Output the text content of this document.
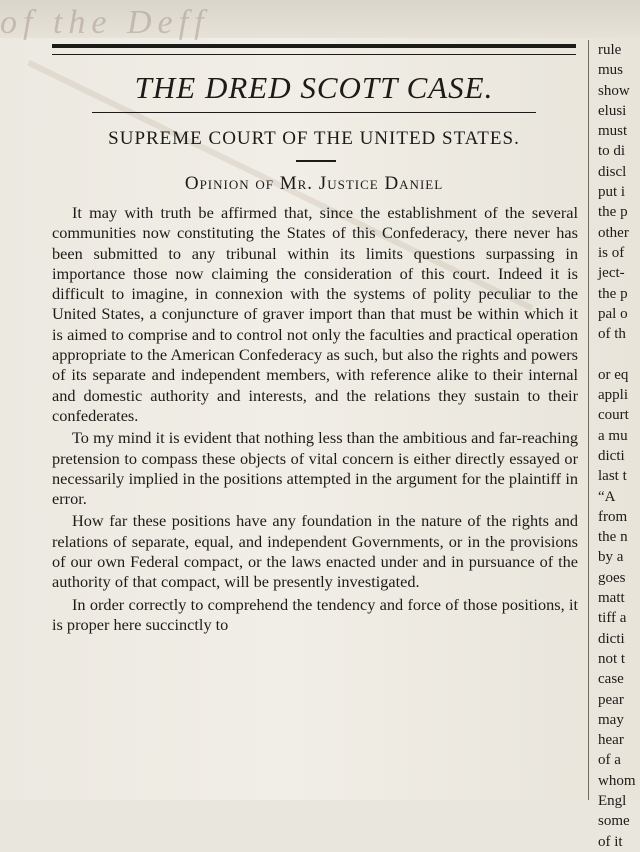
of the Deff
THE DRED SCOTT CASE.
SUPREME COURT OF THE UNITED STATES.
Opinion of Mr. Justice Daniel

It may with truth be affirmed that, since the establishment of the several communities now constituting the States of this Confederacy, there never has been submitted to any tribunal within its limits questions surpassing in importance those now claiming the consideration of this court. Indeed it is difficult to imagine, in connexion with the systems of polity peculiar to the United States, a conjuncture of graver import than that must be within which it is aimed to comprise and to control not only the faculties and practical operation appropriate to the American Confederacy as such, but also the rights and powers of its separate and independent members, with reference alike to their internal and domestic authority and interests, and the relations they sustain to their confederates.

To my mind it is evident that nothing less than the ambitious and far-reaching pretension to compass these objects of vital concern is either directly essayed or necessarily implied in the positions attempted in the argument for the plaintiff in error.

How far these positions have any foundation in the nature of the rights and relations of separate, equal, and independent Governments, or in the provisions of our own Federal compact, or the laws enacted under and in pursuance of the authority of that compact, will be presently investigated.

In order correctly to comprehend the tendency and force of those positions, it is proper here succinctly to

rule
mus
show
elusi
must
to di
discl
put i
the p
other
is of
ject-
the p
pal o
of th
or eq
appli
court
a mu
dicti
last t
“A
from
the n
by a
goes
matt
tiff a
dicti
not t
case
pear
may
hear
of a
whom
Engl
some
of it
